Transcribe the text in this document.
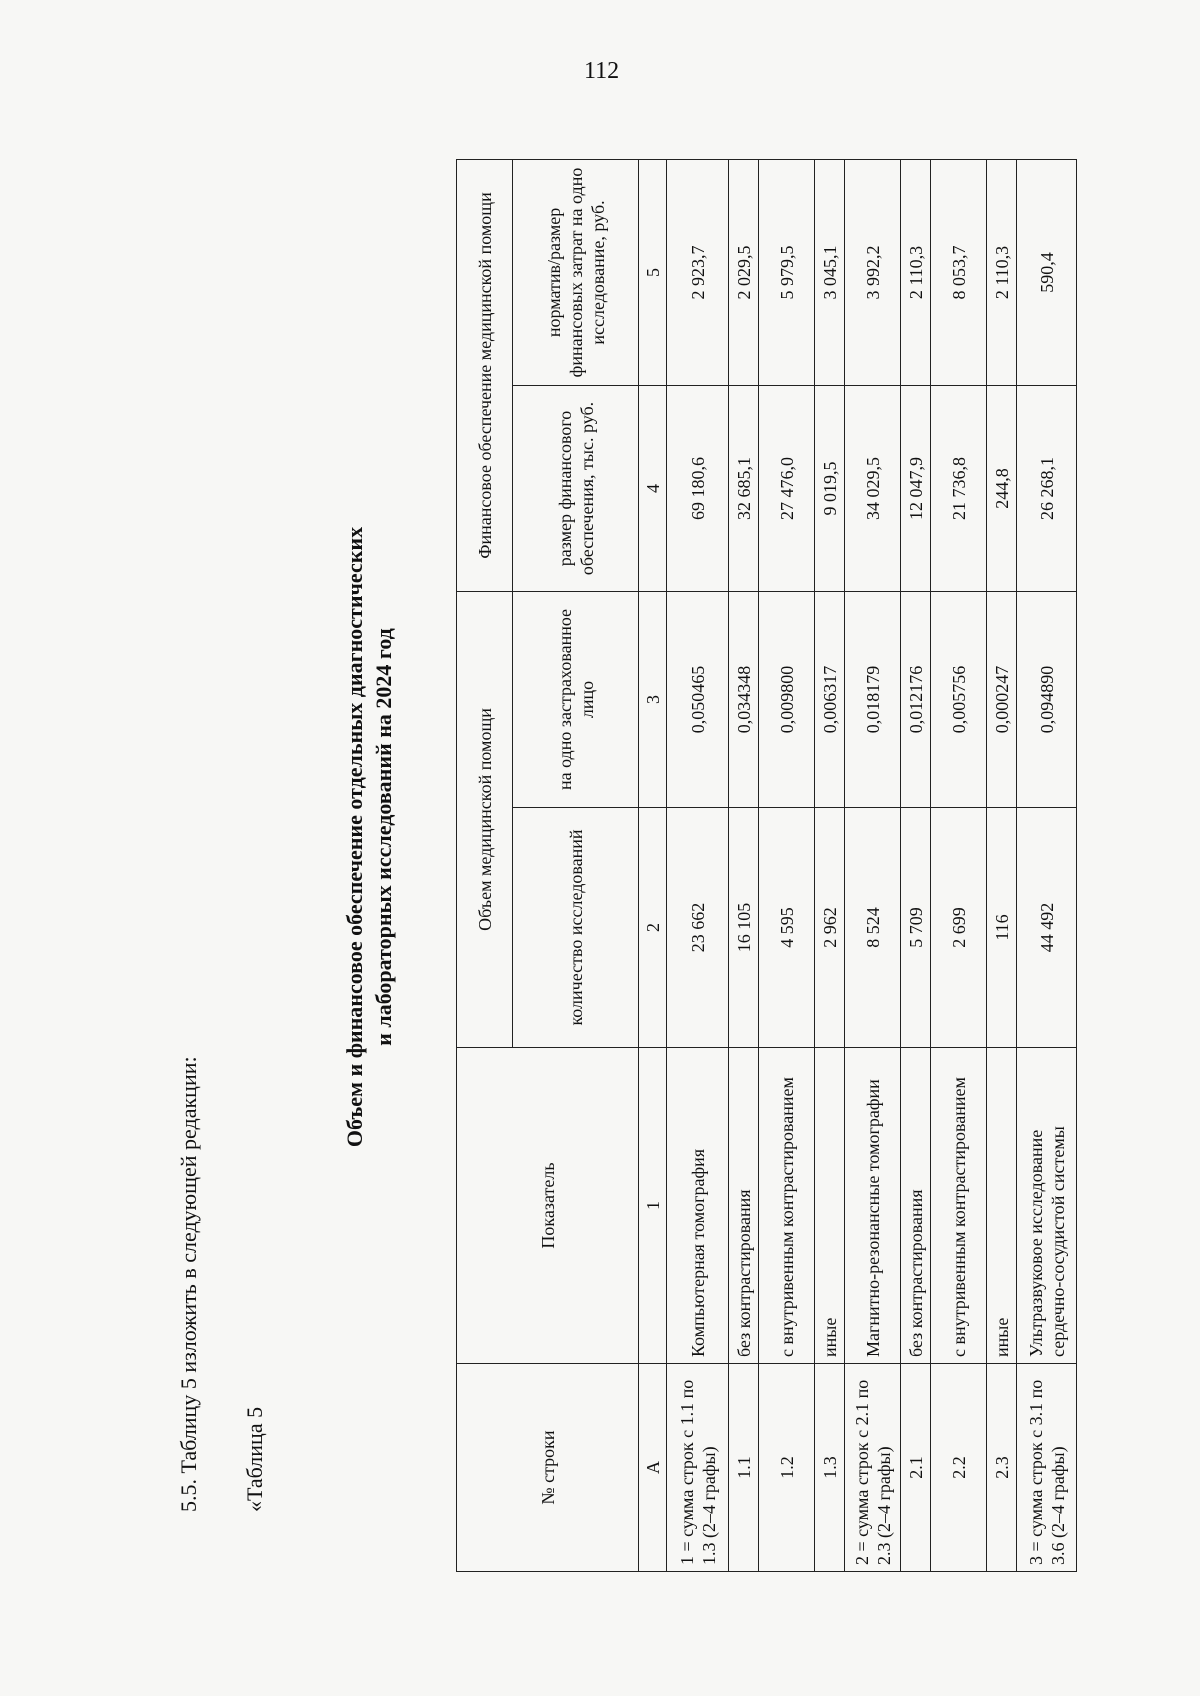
112
5.5. Таблицу 5 изложить в следующей редакции: «Таблица 5
Объем и финансовое обеспечение отдельных диагностических и лабораторных исследований на 2024 год
№ строки	Показатель	Объем медицинской помощи		Финансовое обеспечение медицинской помощи	
		количество исследований	на одно застрахованное лицо	размер финансового обеспечения, тыс. руб.	норматив/размер финансовых затрат на одно исследование, руб.
А	1	2	3	4	5
1 = сумма строк с 1.1 по 1.3 (2–4 графы)	Компьютерная томография	23 662	0,050465	69 180,6	2 923,7
1.1	без контрастирования	16 105	0,034348	32 685,1	2 029,5
1.2	с внутривенным контрастированием	4 595	0,009800	27 476,0	5 979,5
1.3	иные	2 962	0,006317	9 019,5	3 045,1
2 = сумма строк с 2.1 по 2.3 (2–4 графы)	Магнитно-резонансные томографии	8 524	0,018179	34 029,5	3 992,2
2.1	без контрастирования	5 709	0,012176	12 047,9	2 110,3
2.2	с внутривенным контрастированием	2 699	0,005756	21 736,8	8 053,7
2.3	иные	116	0,000247	244,8	2 110,3
3 = сумма строк с 3.1 по 3.6 (2–4 графы)	Ультразвуковое исследование сердечно-сосудистой системы	44 492	0,094890	26 268,1	590,4
